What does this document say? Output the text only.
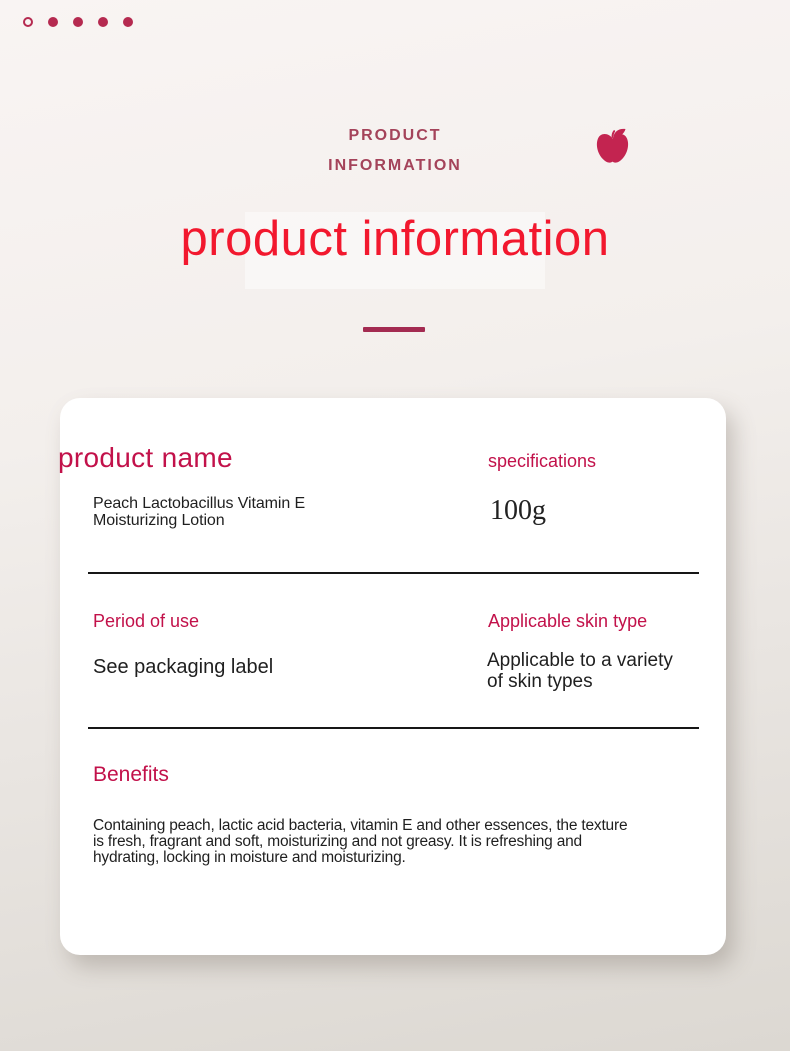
PRODUCT
INFORMATION
product information
product name
Peach Lactobacillus Vitamin E Moisturizing Lotion
specifications
100g
Period of use
See packaging label
Applicable skin type
Applicable to a variety of skin types
Benefits
Containing peach, lactic acid bacteria, vitamin E and other essences, the texture is fresh, fragrant and soft, moisturizing and not greasy. It is refreshing and hydrating, locking in moisture and moisturizing.
